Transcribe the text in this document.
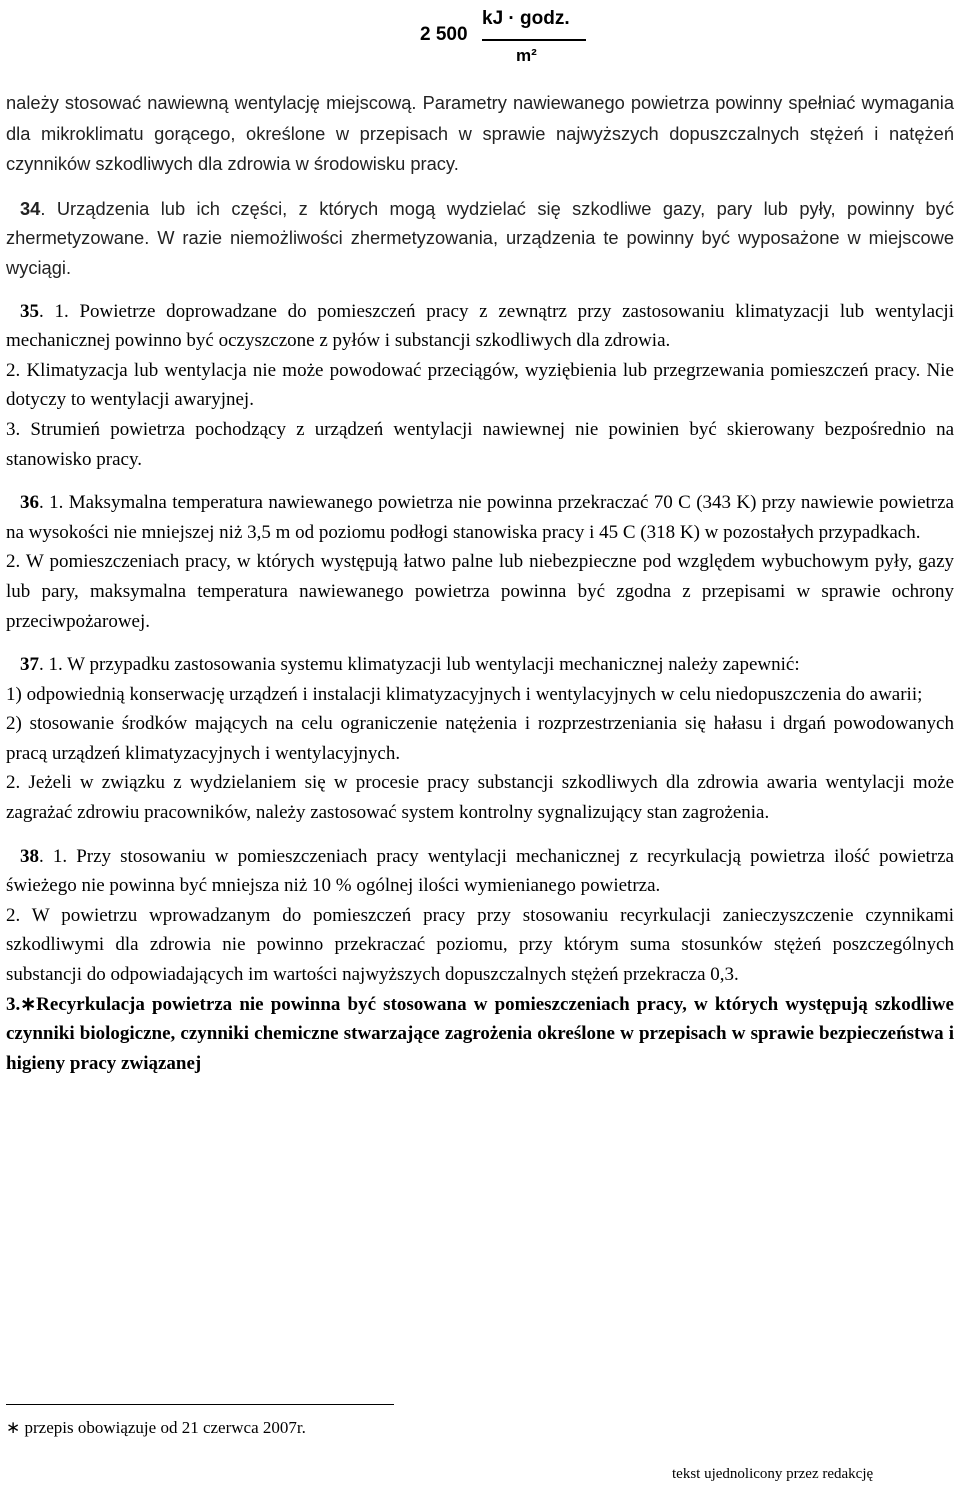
2 500
kJ · godz.
m²

należy stosować nawiewną wentylację miejscową. Parametry nawiewanego powietrza powinny spełniać wymagania dla mikroklimatu gorącego, określone w przepisach w sprawie najwyższych dopuszczalnych stężeń i natężeń czynników szkodliwych dla zdrowia w środowisku pracy.

34. Urządzenia lub ich części, z których mogą wydzielać się szkodliwe gazy, pary lub pyły, powinny być zhermetyzowane. W razie niemożliwości zhermetyzowania, urządzenia te powinny być wyposażone w miejscowe wyciągi.

35. 1. Powietrze doprowadzane do pomieszczeń pracy z zewnątrz przy zastosowaniu klimatyzacji lub wentylacji mechanicznej powinno być oczyszczone z pyłów i substancji szkodliwych dla zdrowia.

2. Klimatyzacja lub wentylacja nie może powodować przeciągów, wyziębienia lub przegrzewania pomieszczeń pracy. Nie dotyczy to wentylacji awaryjnej.

3. Strumień powietrza pochodzący z urządzeń wentylacji nawiewnej nie powinien być skierowany bezpośrednio na stanowisko pracy.

36. 1. Maksymalna temperatura nawiewanego powietrza nie powinna przekraczać 70 C (343 K) przy nawiewie powietrza na wysokości nie mniejszej niż 3,5 m od poziomu podłogi stanowiska pracy i 45 C (318 K) w pozostałych przypadkach.

2. W pomieszczeniach pracy, w których występują łatwo palne lub niebezpieczne pod względem wybuchowym pyły, gazy lub pary, maksymalna temperatura nawiewanego powietrza powinna być zgodna z przepisami w sprawie ochrony przeciwpożarowej.

37. 1. W przypadku zastosowania systemu klimatyzacji lub wentylacji mechanicznej należy zapewnić:

1) odpowiednią konserwację urządzeń i instalacji klimatyzacyjnych i wentylacyjnych w celu niedopuszczenia do awarii;

2) stosowanie środków mających na celu ograniczenie natężenia i rozprzestrzeniania się hałasu i drgań powodowanych pracą urządzeń klimatyzacyjnych i wentylacyjnych.

2. Jeżeli w związku z wydzielaniem się w procesie pracy substancji szkodliwych dla zdrowia awaria wentylacji może zagrażać zdrowiu pracowników, należy zastosować system kontrolny sygnalizujący stan zagrożenia.

38. 1. Przy stosowaniu w pomieszczeniach pracy wentylacji mechanicznej z recyrkulacją powietrza ilość powietrza świeżego nie powinna być mniejsza niż 10 % ogólnej ilości wymienianego powietrza.

2. W powietrzu wprowadzanym do pomieszczeń pracy przy stosowaniu recyrkulacji zanieczyszczenie czynnikami szkodliwymi dla zdrowia nie powinno przekraczać poziomu, przy którym suma stosunków stężeń poszczególnych substancji do odpowiadających im wartości najwyższych dopuszczalnych stężeń przekracza 0,3.

3.∗Recyrkulacja powietrza nie powinna być stosowana w pomieszczeniach pracy, w których występują szkodliwe czynniki biologiczne, czynniki chemiczne stwarzające zagrożenia określone w przepisach w sprawie bezpieczeństwa i higieny pracy związanej

∗ przepis obowiązuje od 21 czerwca 2007r.
tekst ujednolicony przez redakcję
